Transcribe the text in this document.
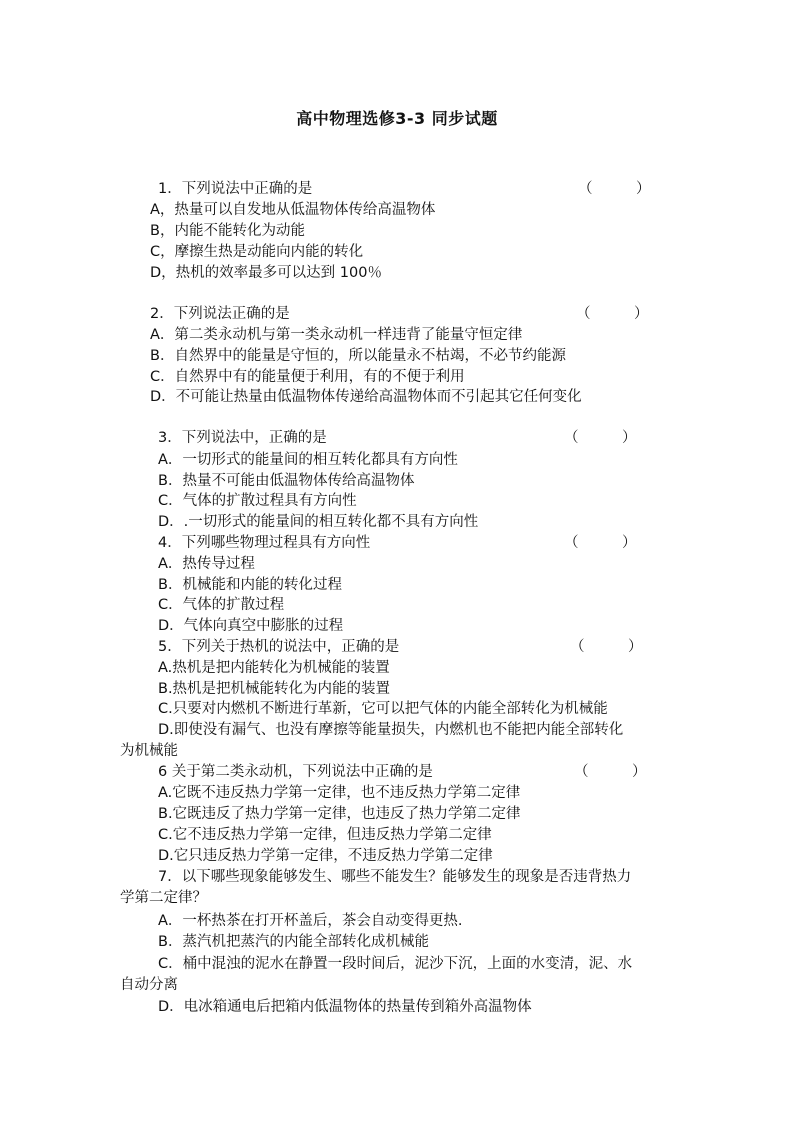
高中物理选修3-3 同步试题
1．下列说法中正确的是	（　　　）
A，热量可以自发地从低温物体传给高温物体
B，内能不能转化为动能
C，摩擦生热是动能向内能的转化
D，热机的效率最多可以达到 100％
2．下列说法正确的是	（　　　）
A．第二类永动机与第一类永动机一样违背了能量守恒定律
B．自然界中的能量是守恒的，所以能量永不枯竭，不必节约能源
C．自然界中有的能量便于利用，有的不便于利用
D．不可能让热量由低温物体传递给高温物体而不引起其它任何变化
3．下列说法中，正确的是	（　　　）
A．一切形式的能量间的相互转化都具有方向性
B．热量不可能由低温物体传给高温物体
C．气体的扩散过程具有方向性
D．.一切形式的能量间的相互转化都不具有方向性
4．下列哪些物理过程具有方向性	（　　　）
A．热传导过程
B．机械能和内能的转化过程
C．气体的扩散过程
D．气体向真空中膨胀的过程
5．下列关于热机的说法中，正确的是	（　　　）
A.热机是把内能转化为机械能的装置
B.热机是把机械能转化为内能的装置
C.只要对内燃机不断进行革新，它可以把气体的内能全部转化为机械能
D.即使没有漏气、也没有摩擦等能量损失，内燃机也不能把内能全部转化
为机械能
6 关于第二类永动机，下列说法中正确的是	（　　　）
A.它既不违反热力学第一定律，也不违反热力学第二定律
B.它既违反了热力学第一定律，也违反了热力学第二定律
C.它不违反热力学第一定律，但违反热力学第二定律
D.它只违反热力学第一定律，不违反热力学第二定律
7．以下哪些现象能够发生、哪些不能发生？能够发生的现象是否违背热力
学第二定律？
A．一杯热茶在打开杯盖后，茶会自动变得更热.
B．蒸汽机把蒸汽的内能全部转化成机械能
C．桶中混浊的泥水在静置一段时间后，泥沙下沉，上面的水变清，泥、水
自动分离
D．电冰箱通电后把箱内低温物体的热量传到箱外高温物体
